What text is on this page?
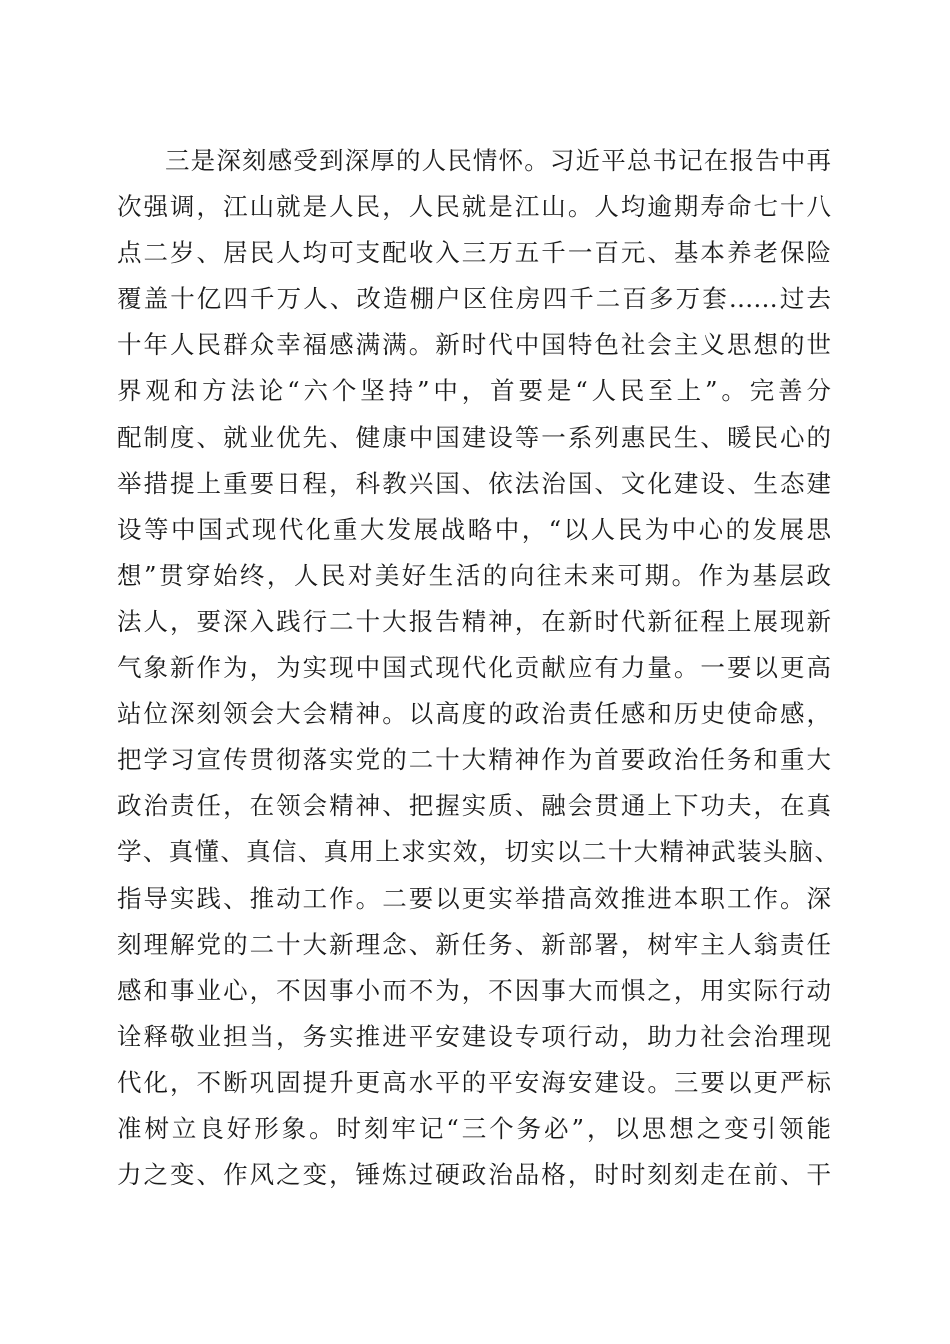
三是深刻感受到深厚的人民情怀。习近平总书记在报告中再
次强调，江山就是人民，人民就是江山。人均逾期寿命七十八
点二岁、居民人均可支配收入三万五千一百元、基本养老保险
覆盖十亿四千万人、改造棚户区住房四千二百多万套……过去
十年人民群众幸福感满满。新时代中国特色社会主义思想的世
界观和方法论“六个坚持”中，首要是“人民至上”。完善分
配制度、就业优先、健康中国建设等一系列惠民生、暖民心的
举措提上重要日程，科教兴国、依法治国、文化建设、生态建
设等中国式现代化重大发展战略中，“以人民为中心的发展思
想”贯穿始终，人民对美好生活的向往未来可期。作为基层政
法人，要深入践行二十大报告精神，在新时代新征程上展现新
气象新作为，为实现中国式现代化贡献应有力量。一要以更高
站位深刻领会大会精神。以高度的政治责任感和历史使命感，
把学习宣传贯彻落实党的二十大精神作为首要政治任务和重大
政治责任，在领会精神、把握实质、融会贯通上下功夫，在真
学、真懂、真信、真用上求实效，切实以二十大精神武装头脑、
指导实践、推动工作。二要以更实举措高效推进本职工作。深
刻理解党的二十大新理念、新任务、新部署，树牢主人翁责任
感和事业心，不因事小而不为，不因事大而惧之，用实际行动
诠释敬业担当，务实推进平安建设专项行动，助力社会治理现
代化，不断巩固提升更高水平的平安海安建设。三要以更严标
准树立良好形象。时刻牢记“三个务必”，以思想之变引领能
力之变、作风之变，锤炼过硬政治品格，时时刻刻走在前、干
